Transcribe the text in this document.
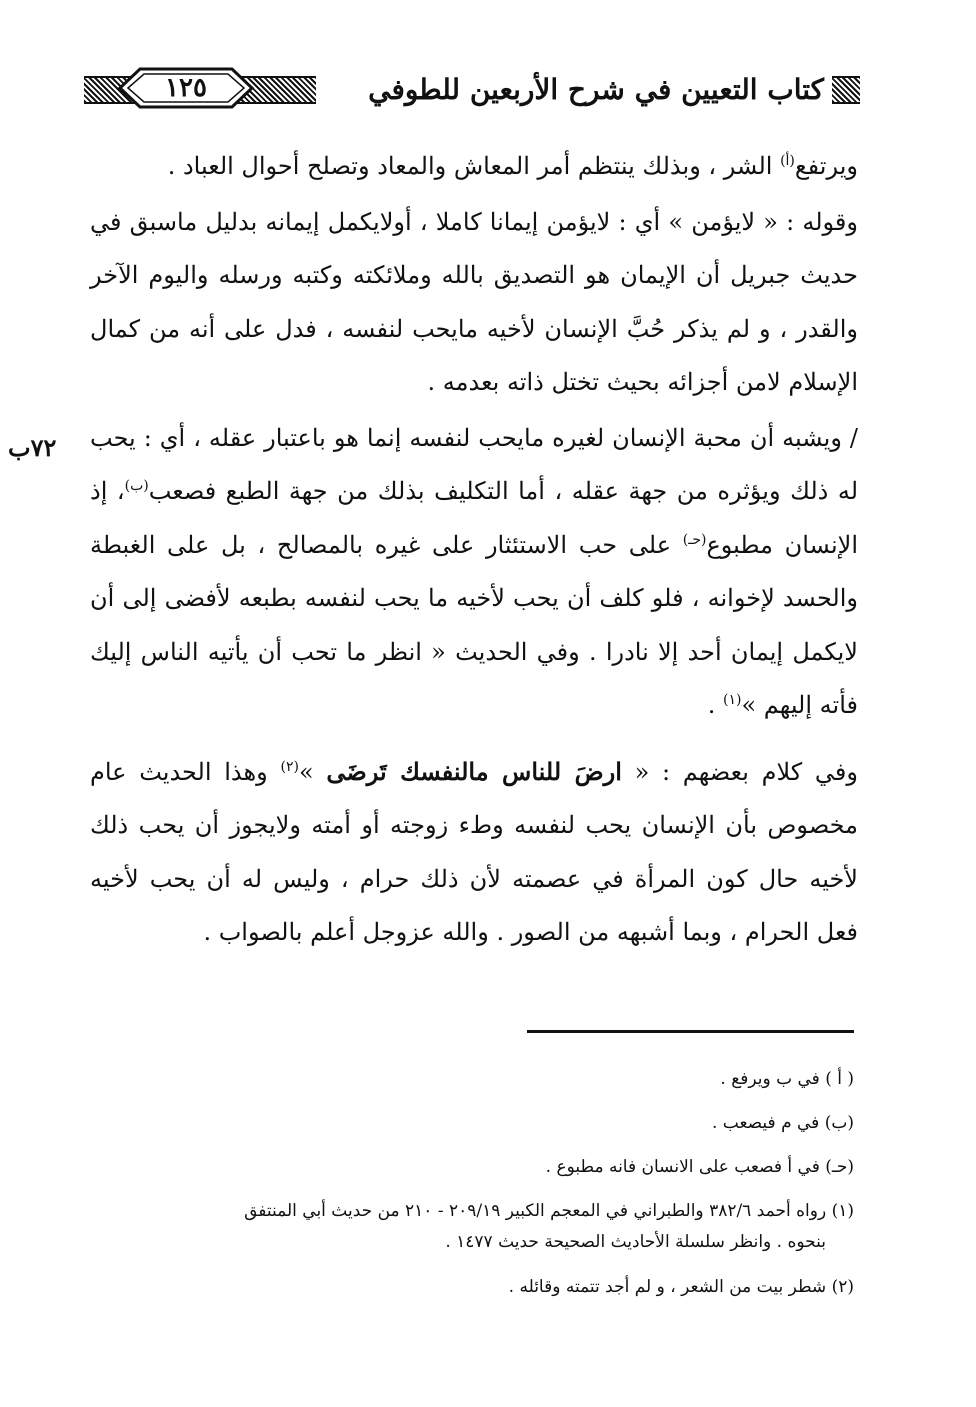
١٢٥	كتاب التعيين في شرح الأربعين للطوفي
٧٢ب

ويرتفع$^{(أ)}$ الشر ، وبذلك ينتظم أمر المعاش والمعاد وتصلح أحوال العباد .

وقوله : « لايؤمن » أي : لايؤمن إيمانا كاملا ، أولايكمل إيمانه بدليل ماسبق في حديث جبريل أن الإيمان هو التصديق بالله وملائكته وكتبه ورسله واليوم الآخر والقدر ، و لم يذكر حُبَّ الإنسان لأخيه مايحب لنفسه ، فدل على أنه من كمال الإسلام لامن أجزائه بحيث تختل ذاته بعدمه .

/ ويشبه أن محبة الإنسان لغيره مايحب لنفسه إنما هو باعتبار عقله ، أي : يحب له ذلك ويؤثره من جهة عقله ، أما التكليف بذلك من جهة الطبع فصعب$^{(ب)}$، إذ الإنسان مطبوع$^{(حـ)}$ على حب الاستئثار على غيره بالمصالح ، بل على الغبطة والحسد لإخوانه ، فلو كلف أن يحب لأخيه ما يحب لنفسه بطبعه لأفضى إلى أن لايكمل إيمان أحد إلا نادرا . وفي الحديث « انظر ما تحب أن يأتيه الناس إليك فأته إليهم »$^{(١)}$ .

وفي كلام بعضهم : « ارضَ للناس مالنفسك تَرضَى »$^{(٢)}$ وهذا الحديث عام مخصوص بأن الإنسان يحب لنفسه وطء زوجته أو أمته ولايجوز أن يحب ذلك لأخيه حال كون المرأة في عصمته لأن ذلك حرام ، وليس له أن يحب لأخيه فعل الحرام ، وبما أشبهه من الصور . والله عزوجل أعلم بالصواب .

( أ ) في ب ويرفع .
(ب) في م فيصعب .
(حـ) في أ فصعب على الانسان فانه مطبوع .
(١) رواه أحمد ٣٨٢/٦ والطبراني في المعجم الكبير ٢٠٩/١٩ - ٢١٠ من حديث أبي المنتفق
بنحوه . وانظر سلسلة الأحاديث الصحيحة حديث ١٤٧٧ .
(٢) شطر بيت من الشعر ، و لم أجد تتمته وقائله .
